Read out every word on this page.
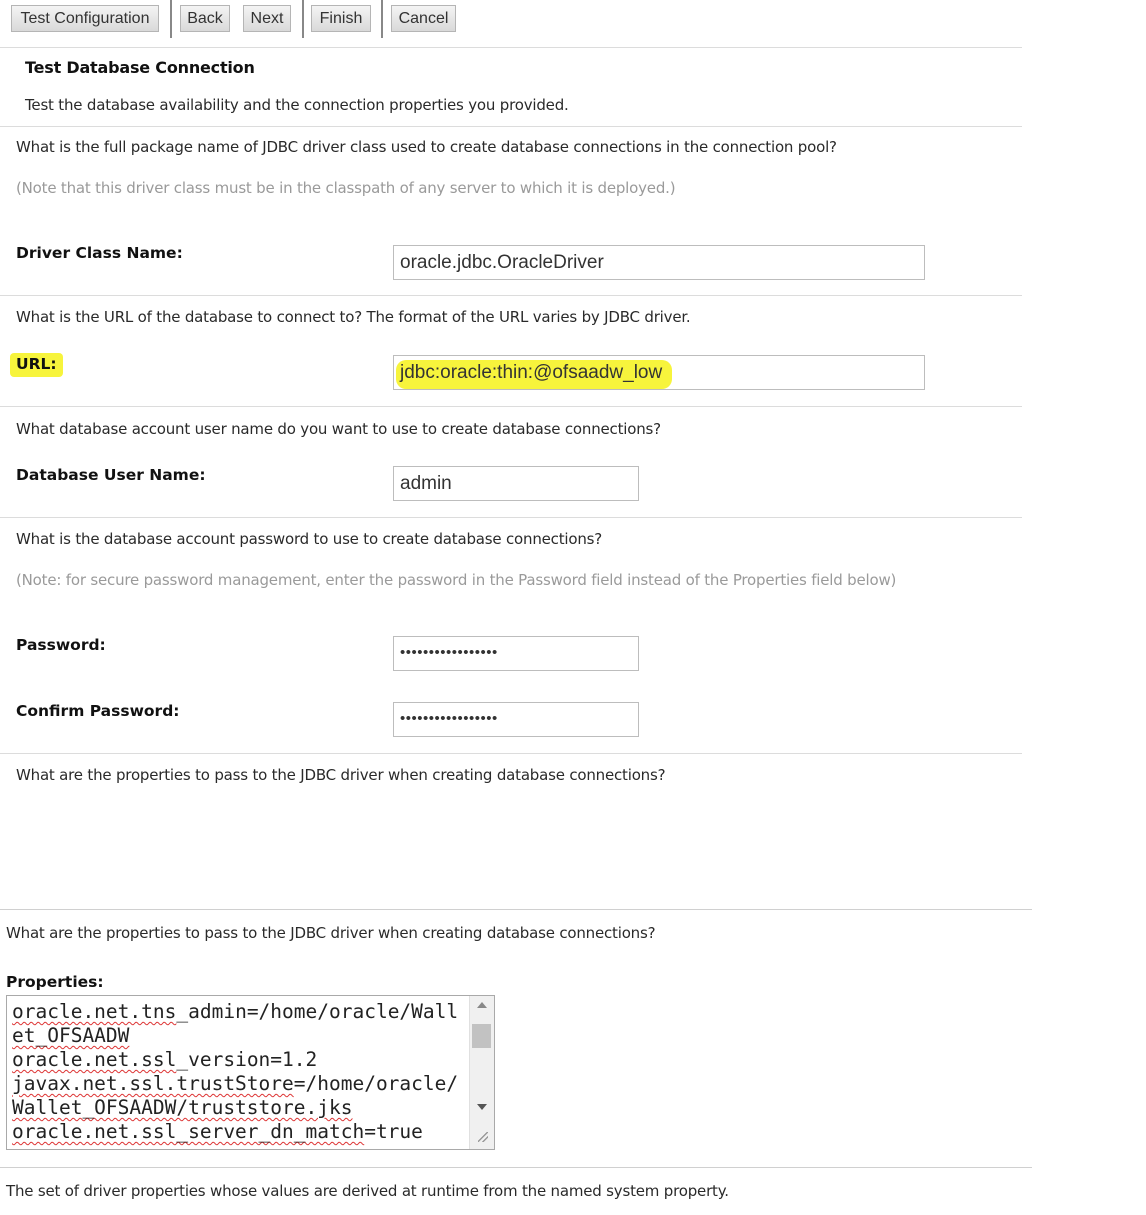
Test Configuration	Back	Next	Finish	Cancel
Test Database Connection
Test the database availability and the connection properties you provided.
What is the full package name of JDBC driver class used to create database connections in the connection pool?
(Note that this driver class must be in the classpath of any server to which it is deployed.)
Driver Class Name:	oracle.jdbc.OracleDriver
What is the URL of the database to connect to? The format of the URL varies by JDBC driver.
URL:	jdbc:oracle:thin:@ofsaadw_low
What database account user name do you want to use to create database connections?
Database User Name:	admin
What is the database account password to use to create database connections?
(Note: for secure password management, enter the password in the Password field instead of the Properties field below)
Password:	•••••••••••••••••
Confirm Password:	•••••••••••••••••
What are the properties to pass to the JDBC driver when creating database connections?
What are the properties to pass to the JDBC driver when creating database connections?
Properties:
oracle.net.tns_admin=/home/oracle/Wall
et_OFSAADW
oracle.net.ssl_version=1.2
javax.net.ssl.trustStore=/home/oracle/
Wallet_OFSAADW/truststore.jks
oracle.net.ssl_server_dn_match=true
The set of driver properties whose values are derived at runtime from the named system property.
